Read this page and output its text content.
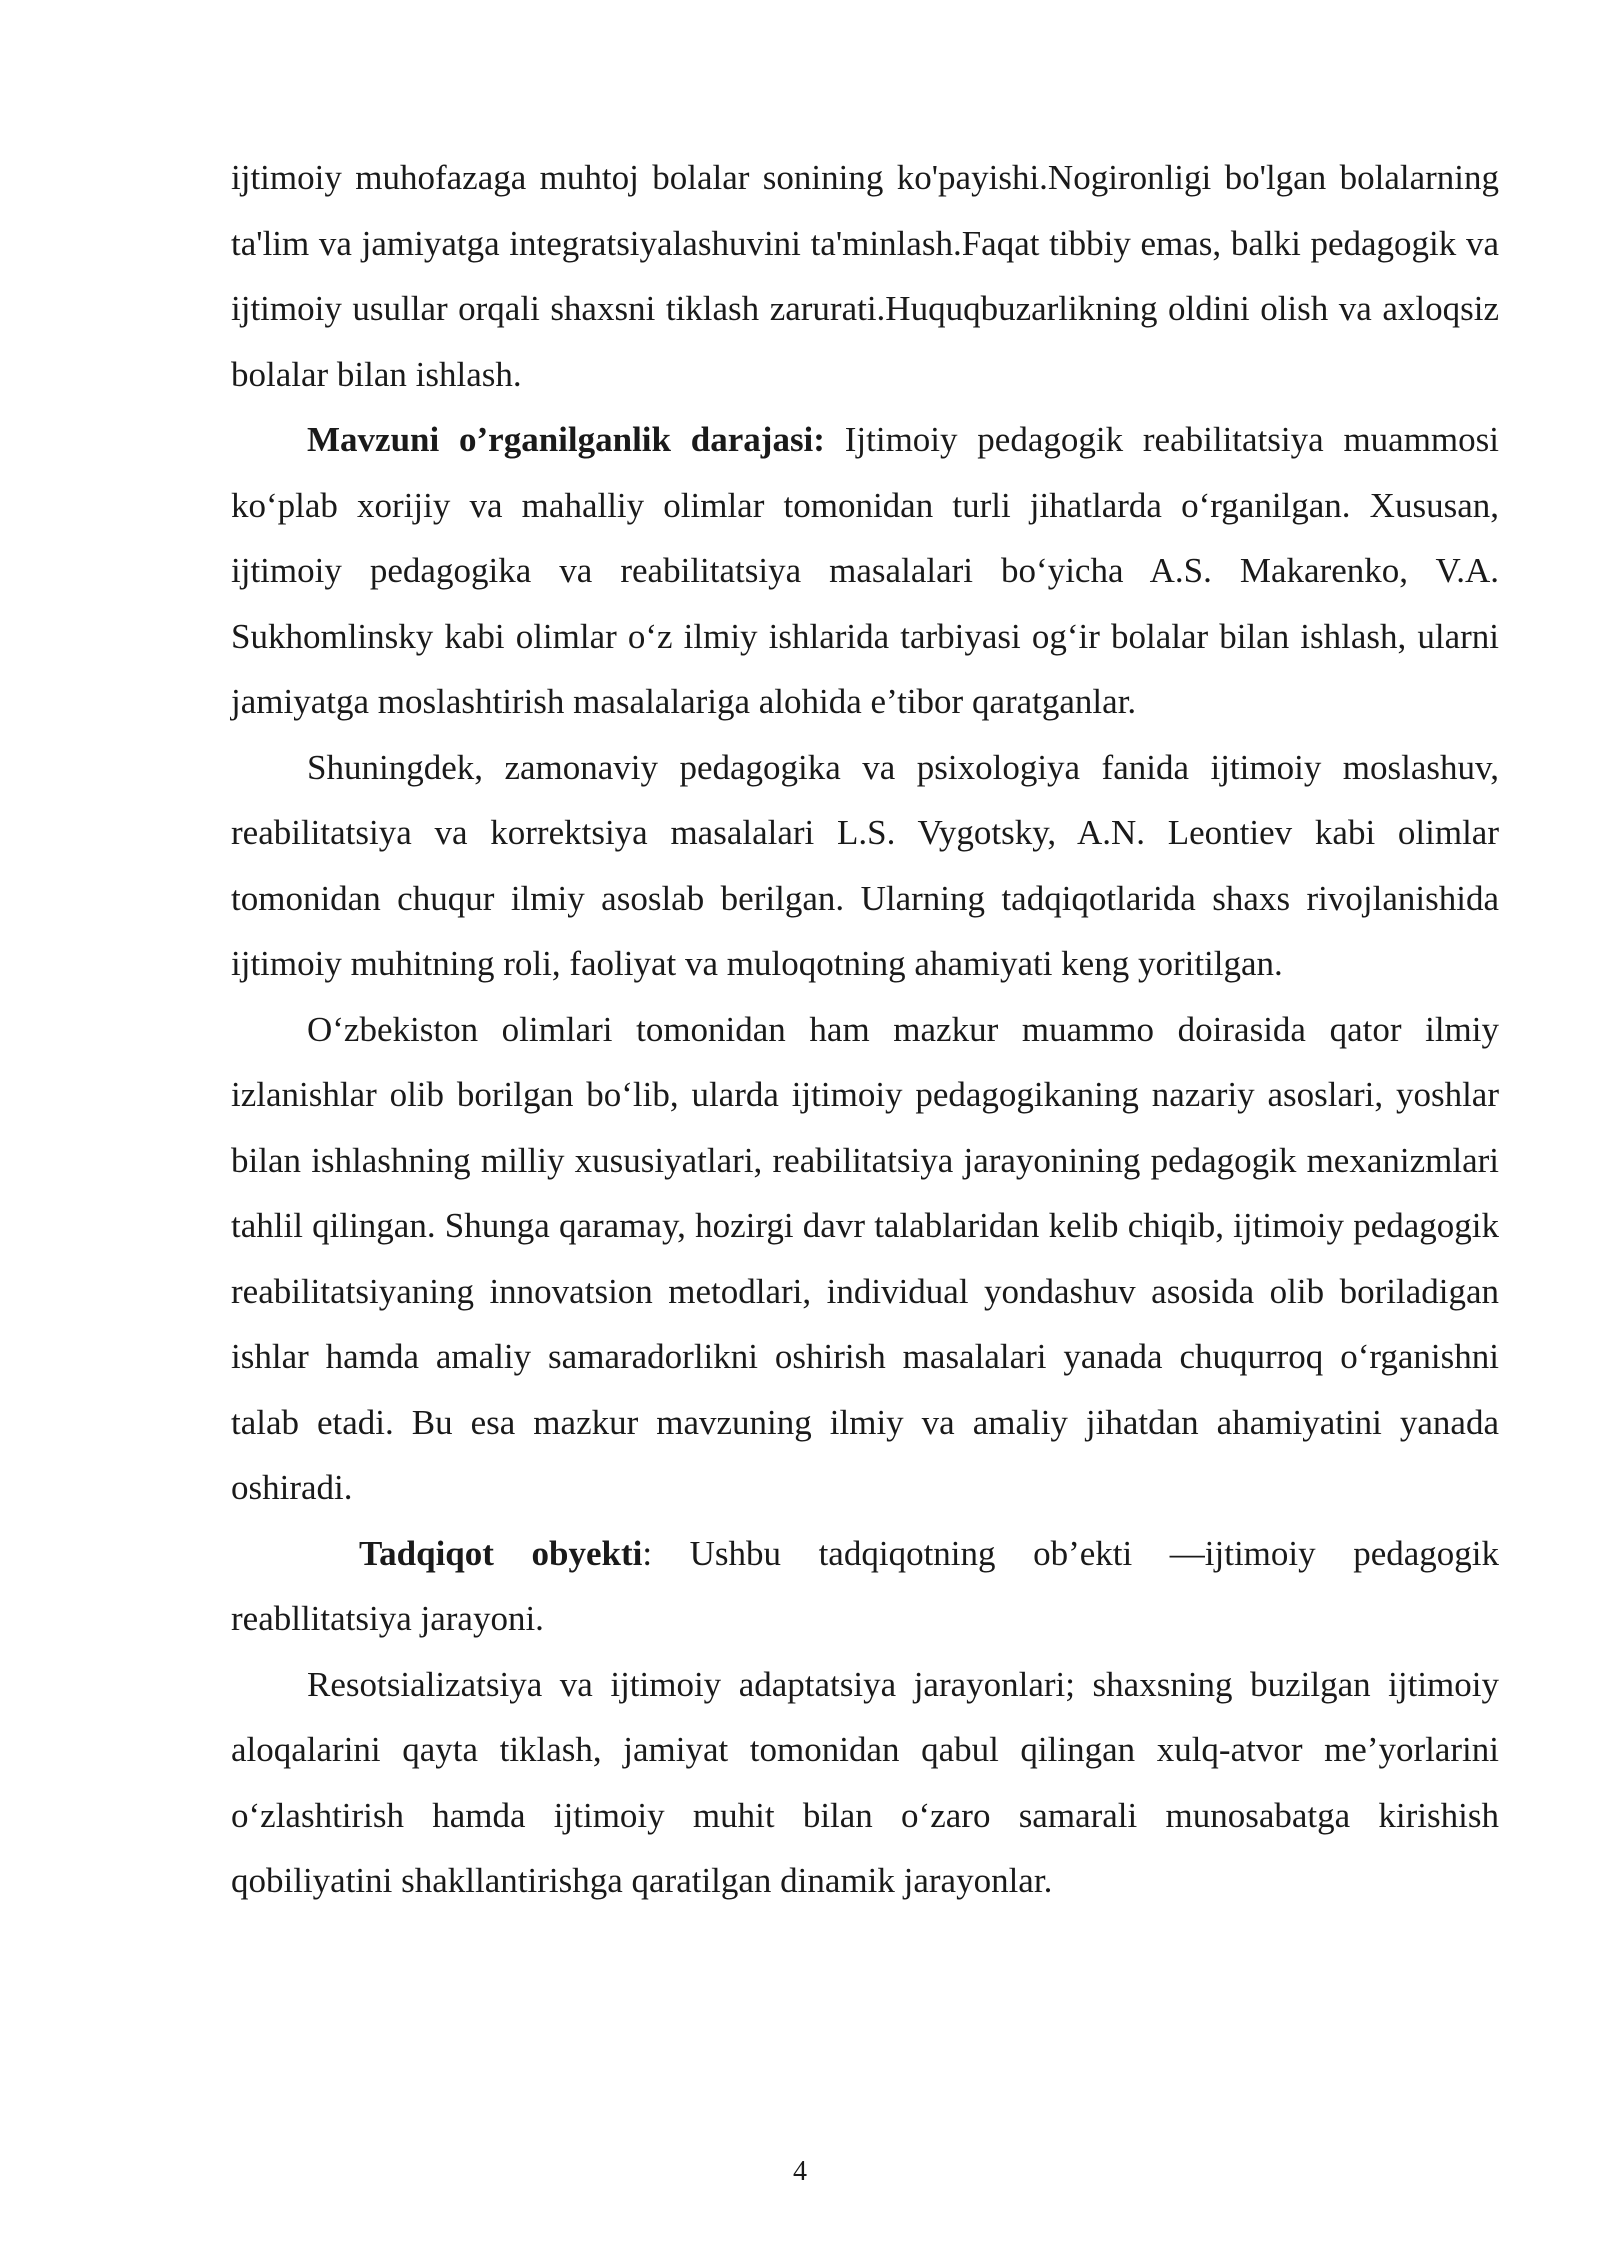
ijtimoiy muhofazaga muhtoj bolalar sonining ko'payishi.Nogironligi bo'lgan bolalarning ta'lim va jamiyatga integratsiyalashuvini ta'minlash.Faqat tibbiy emas, balki pedagogik va ijtimoiy usullar orqali shaxsni tiklash zarurati.Huquqbuzarlikning oldini olish va axloqsiz bolalar bilan ishlash.

Mavzuni o’rganilganlik darajasi: Ijtimoiy pedagogik reabilitatsiya muammosi ko‘plab xorijiy va mahalliy olimlar tomonidan turli jihatlarda o‘rganilgan. Xususan, ijtimoiy pedagogika va reabilitatsiya masalalari bo‘yicha A.S. Makarenko, V.A. Sukhomlinsky kabi olimlar o‘z ilmiy ishlarida tarbiyasi og‘ir bolalar bilan ishlash, ularni jamiyatga moslashtirish masalalariga alohida e’tibor qaratganlar.

Shuningdek, zamonaviy pedagogika va psixologiya fanida ijtimoiy moslashuv, reabilitatsiya va korrektsiya masalalari L.S. Vygotsky, A.N. Leontiev kabi olimlar tomonidan chuqur ilmiy asoslab berilgan. Ularning tadqiqotlarida shaxs rivojlanishida ijtimoiy muhitning roli, faoliyat va muloqotning ahamiyati keng yoritilgan.

O‘zbekiston olimlari tomonidan ham mazkur muammo doirasida qator ilmiy izlanishlar olib borilgan bo‘lib, ularda ijtimoiy pedagogikaning nazariy asoslari, yoshlar bilan ishlashning milliy xususiyatlari, reabilitatsiya jarayonining pedagogik mexanizmlari tahlil qilingan. Shunga qaramay, hozirgi davr talablaridan kelib chiqib, ijtimoiy pedagogik reabilitatsiyaning innovatsion metodlari, individual yondashuv asosida olib boriladigan ishlar hamda amaliy samaradorlikni oshirish masalalari yanada chuqurroq o‘rganishni talab etadi. Bu esa mazkur mavzuning ilmiy va amaliy jihatdan ahamiyatini yanada oshiradi.

Tadqiqot obyekti: Ushbu tadqiqotning ob’ekti —ijtimoiy pedagogik reabllitatsiya jarayoni.

Resotsializatsiya va ijtimoiy adaptatsiya jarayonlari; shaxsning buzilgan ijtimoiy aloqalarini qayta tiklash, jamiyat tomonidan qabul qilingan xulq-atvor me’yorlarini o‘zlashtirish hamda ijtimoiy muhit bilan o‘zaro samarali munosabatga kirishish qobiliyatini shakllantirishga qaratilgan dinamik jarayonlar.

4
